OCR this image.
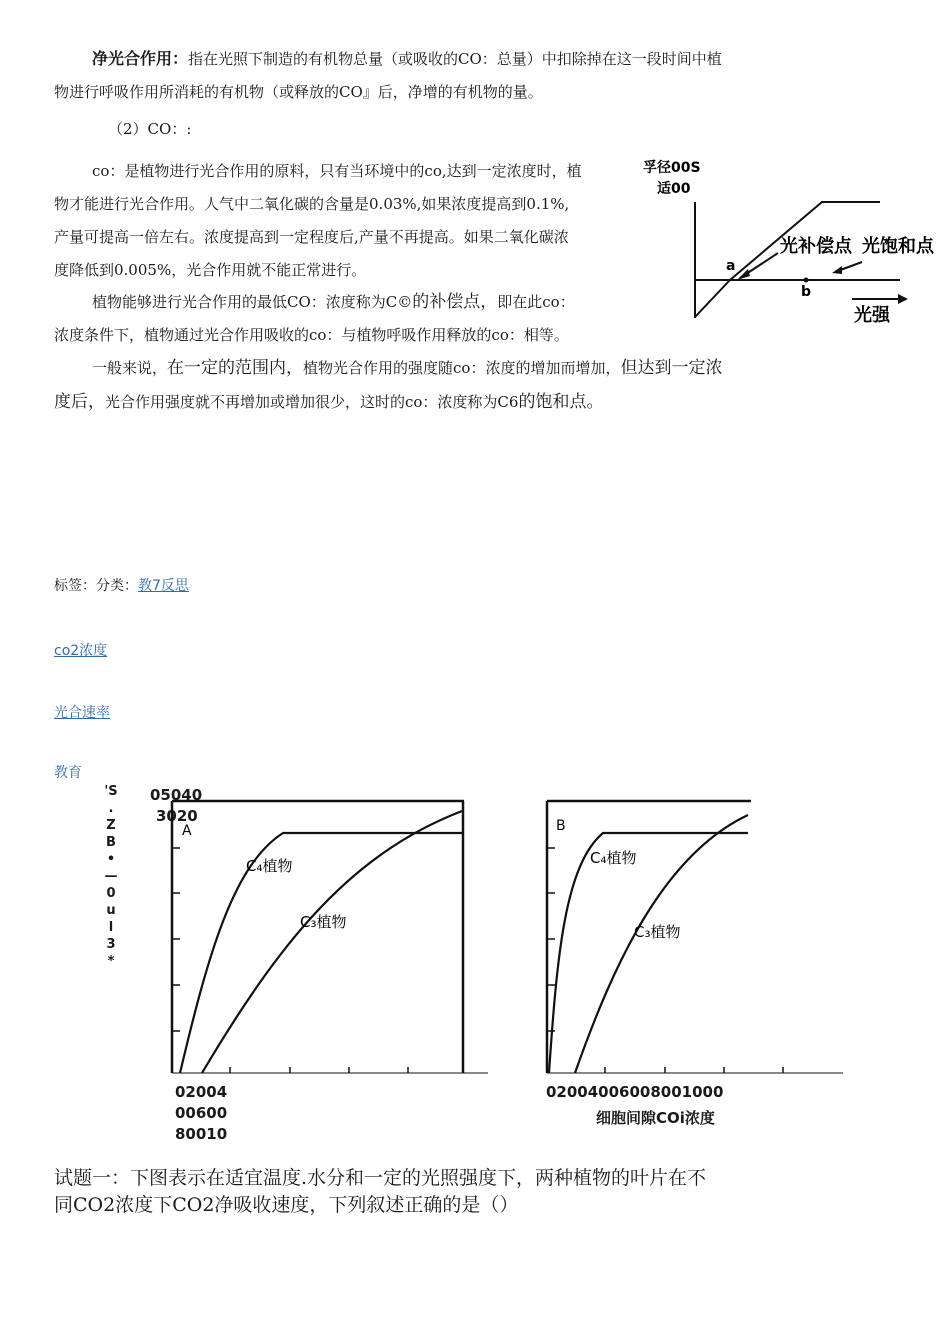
净光合作用：指在光照下制造的有机物总量（或吸收的CO：总量）中扣除掉在这一段时间中植
物进行呼吸作用所消耗的有机物（或释放的CO』后，净增的有机物的量。
（2）CO：:
co：是植物进行光合作用的原料，只有当环境中的co,达到一定浓度时，植
物才能进行光合作用。人气中二氧化碳的含量是0.03%,如果浓度提高到0.1%,
产量可提高一倍左右。浓度提高到一定程度后,产量不再提高。如果二氧化碳浓
度降低到0.005%，光合作用就不能正常进行。
植物能够进行光合作用的最低CO：浓度称为C©的补偿点，即在此co：
浓度条件下，植物通过光合作用吸收的co：与植物呼吸作用释放的co：相等。
一般来说，在一定的范围内，植物光合作用的强度随co：浓度的增加而增加，但达到一定浓
度后，光合作用强度就不再增加或增加很少，这时的co：浓度称为C6的饱和点。
孚径00S
适00
a
b
光补偿点 光饱和点
光强
标签：分类：教7反思
co2浓度
光合速率
教育
'S
.
Z
B
•
—
0
u
l
3
*
05040
3020
A
C₄植物
C₃植物
02004
00600
80010
B
C₄植物
C₃植物
02004006008001000
细胞间隙COi浓度
试题一：下图表示在适宜温度.水分和一定的光照强度下，两种植物的叶片在不
同CO2浓度下CO2净吸收速度，下列叙述正确的是（）
